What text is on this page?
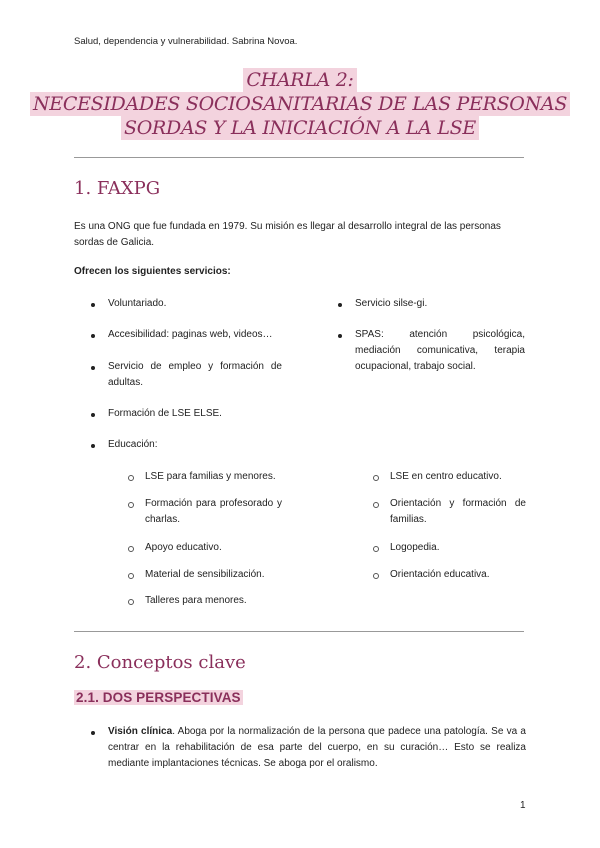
Salud, dependencia y vulnerabilidad. Sabrina Novoa.
CHARLA 2:
NECESIDADES SOCIOSANITARIAS DE LAS PERSONAS
SORDAS Y LA INICIACIÓN A LA LSE
1. FAXPG
Es una ONG que fue fundada en 1979. Su misión es llegar al desarrollo integral de las personas sordas de Galicia.
Ofrecen los siguientes servicios:
Voluntariado.
Accesibilidad: paginas web, videos…
Servicio de empleo y formación de adultas.
Formación de LSE ELSE.
Educación:
Servicio silse-gi.
SPAS: atención psicológica, mediación comunicativa, terapia ocupacional, trabajo social.
LSE para familias y menores.
Formación para profesorado y charlas.
Apoyo educativo.
Material de sensibilización.
Talleres para menores.
LSE en centro educativo.
Orientación y formación de familias.
Logopedia.
Orientación educativa.
2. Conceptos clave
2.1. DOS PERSPECTIVAS
Visión clínica. Aboga por la normalización de la persona que padece una patología. Se va a centrar en la rehabilitación de esa parte del cuerpo, en su curación… Esto se realiza mediante implantaciones técnicas. Se aboga por el oralismo.
1
